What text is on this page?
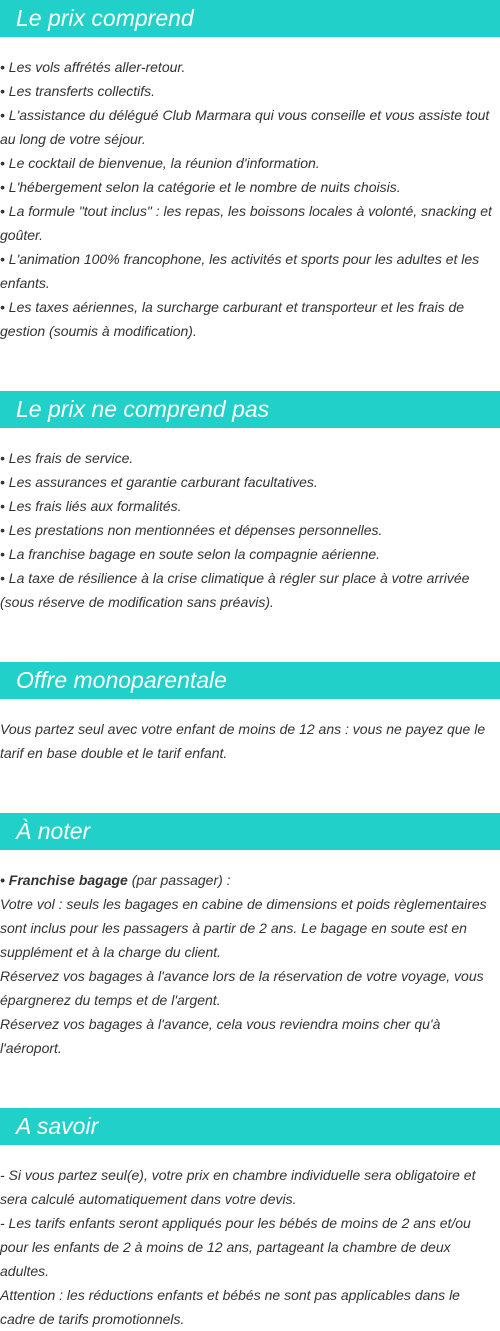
Le prix comprend
• Les vols affrétés aller-retour.
• Les transferts collectifs.
• L'assistance du délégué Club Marmara qui vous conseille et vous assiste tout au long de votre séjour.
• Le cocktail de bienvenue, la réunion d'information.
• L'hébergement selon la catégorie et le nombre de nuits choisis.
• La formule "tout inclus" : les repas, les boissons locales à volonté, snacking et goûter.
• L'animation 100% francophone, les activités et sports pour les adultes et les enfants.
• Les taxes aériennes, la surcharge carburant et transporteur et les frais de gestion (soumis à modification).
Le prix ne comprend pas
• Les frais de service.
• Les assurances et garantie carburant facultatives.
• Les frais liés aux formalités.
• Les prestations non mentionnées et dépenses personnelles.
• La franchise bagage en soute selon la compagnie aérienne.
• La taxe de résilience à la crise climatique à régler sur place à votre arrivée (sous réserve de modification sans préavis).
Offre monoparentale
Vous partez seul avec votre enfant de moins de 12 ans : vous ne payez que le tarif en base double et le tarif enfant.
À noter
• Franchise bagage (par passager) :
Votre vol : seuls les bagages en cabine de dimensions et poids règlementaires sont inclus pour les passagers à partir de 2 ans. Le bagage en soute est en supplément et à la charge du client.
Réservez vos bagages à l'avance lors de la réservation de votre voyage, vous épargnerez du temps et de l'argent.
Réservez vos bagages à l'avance, cela vous reviendra moins cher qu'à l'aéroport.
A savoir
- Si vous partez seul(e), votre prix en chambre individuelle sera obligatoire et sera calculé automatiquement dans votre devis.
- Les tarifs enfants seront appliqués pour les bébés de moins de 2 ans et/ou pour les enfants de 2 à moins de 12 ans, partageant la chambre de deux adultes.
Attention : les réductions enfants et bébés ne sont pas applicables dans le cadre de tarifs promotionnels.
